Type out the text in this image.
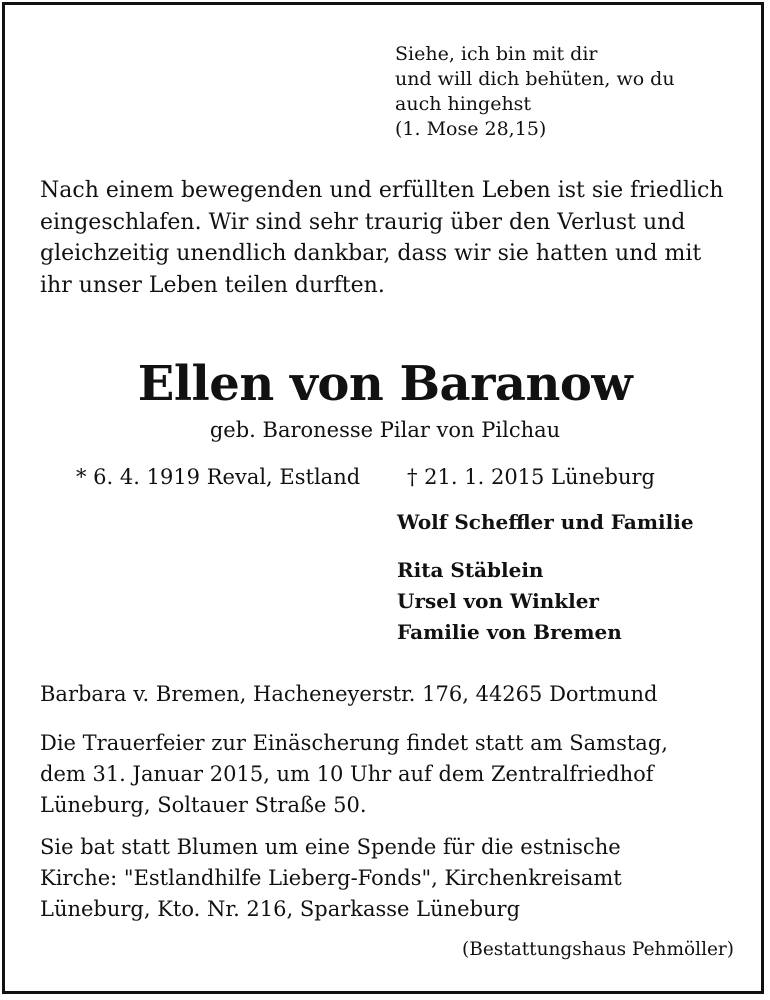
Siehe, ich bin mit dir
und will dich behüten, wo du
auch hingehst
(1. Mose 28,15)
Nach einem bewegenden und erfüllten Leben ist sie friedlich
eingeschlafen. Wir sind sehr traurig über den Verlust und
gleichzeitig unendlich dankbar, dass wir sie hatten und mit
ihr unser Leben teilen durften.
Ellen von Baranow
geb. Baronesse Pilar von Pilchau
* 6. 4. 1919 Reval, Estland † 21. 1. 2015 Lüneburg
Wolf Scheffler und Familie
Rita Stäblein
Ursel von Winkler
Familie von Bremen
Barbara v. Bremen, Hacheneyerstr. 176, 44265 Dortmund
Die Trauerfeier zur Einäscherung findet statt am Samstag,
dem 31. Januar 2015, um 10 Uhr auf dem Zentralfriedhof
Lüneburg, Soltauer Straße 50.
Sie bat statt Blumen um eine Spende für die estnische
Kirche: "Estlandhilfe Lieberg-Fonds", Kirchenkreisamt
Lüneburg, Kto. Nr. 216, Sparkasse Lüneburg
(Bestattungshaus Pehmöller)
